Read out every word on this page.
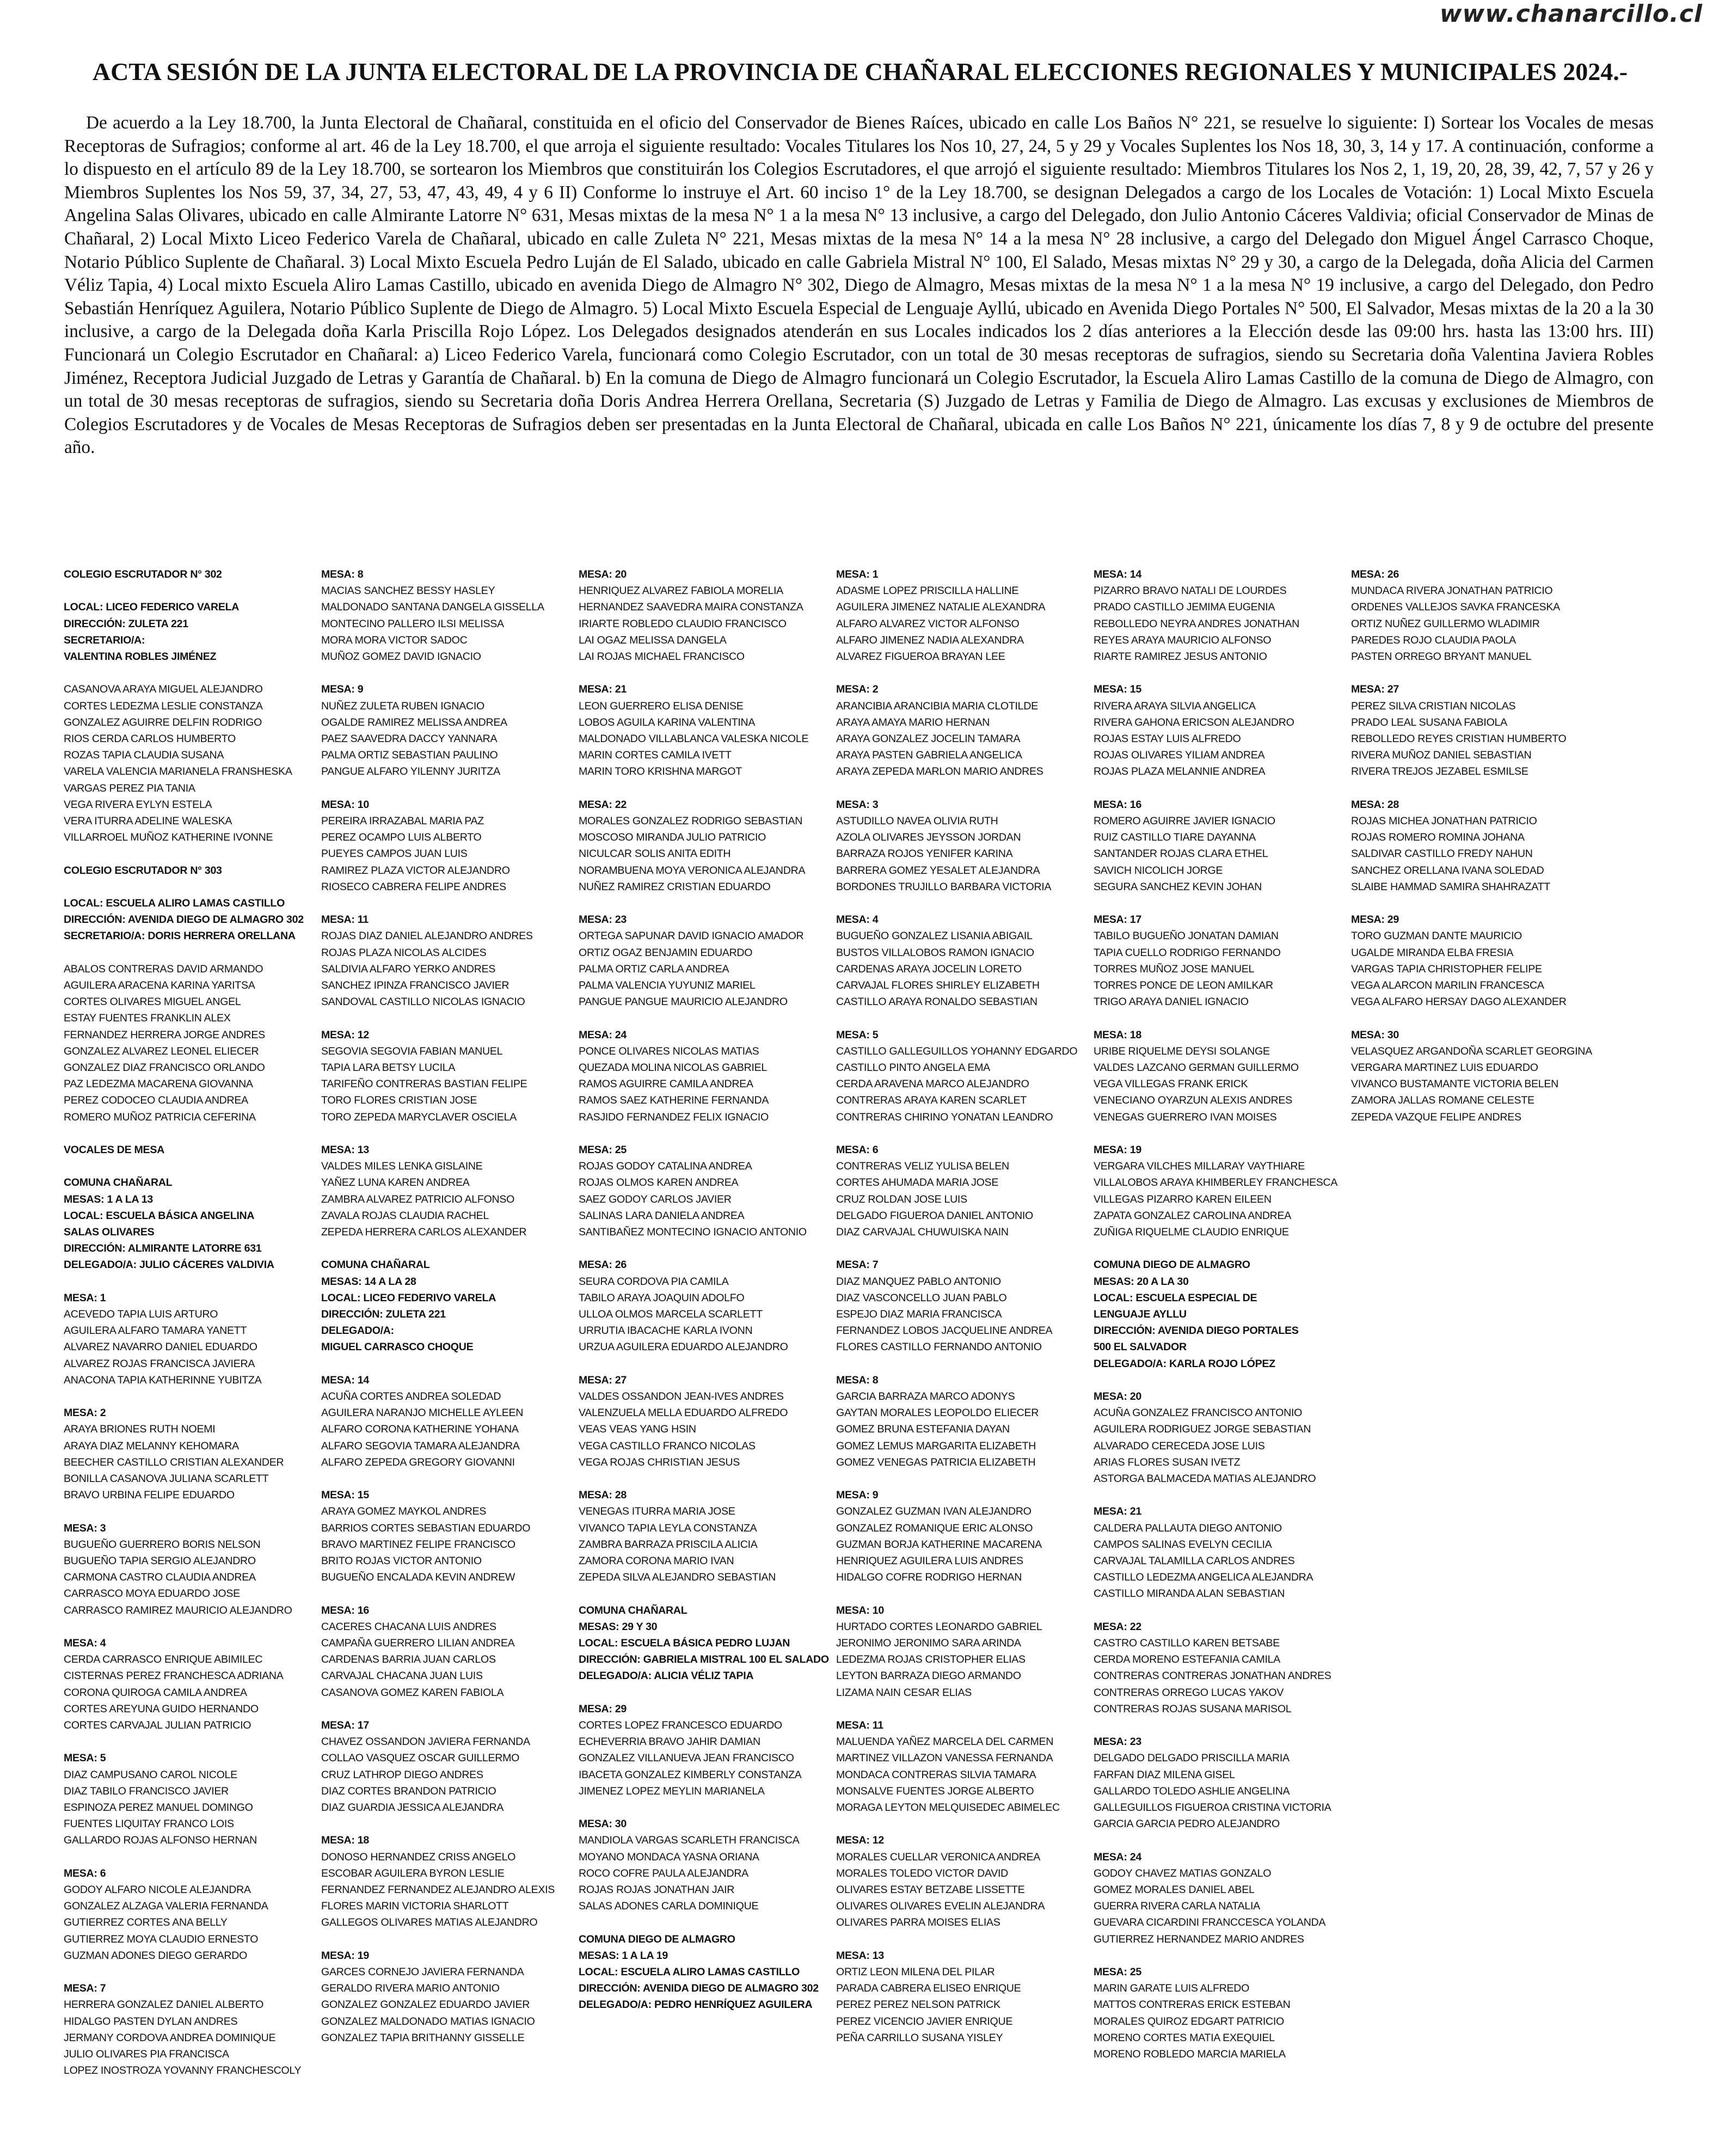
www.chanarcillo.cl
ACTA SESIÓN DE LA JUNTA ELECTORAL DE LA PROVINCIA DE CHAÑARAL ELECCIONES REGIONALES Y MUNICIPALES 2024.-

De acuerdo a la Ley 18.700, la Junta Electoral de Chañaral, constituida en el oficio del Conservador de Bienes Raíces, ubicado en calle Los Baños N° 221, se resuelve lo siguiente: I) Sortear los Vocales de mesas Receptoras de Sufragios; conforme al art. 46 de la Ley 18.700, el que arroja el siguiente resultado: Vocales Titulares los Nos 10, 27, 24, 5 y 29 y Vocales Suplentes los Nos 18, 30, 3, 14 y 17. A continuación, conforme a lo dispuesto en el artículo 89 de la Ley 18.700, se sortearon los Miembros que constituirán los Colegios Escrutadores, el que arrojó el siguiente resultado: Miembros Titulares los Nos 2, 1, 19, 20, 28, 39, 42, 7, 57 y 26 y Miembros Suplentes los Nos 59, 37, 34, 27, 53, 47, 43, 49, 4 y 6 II) Conforme lo instruye el Art. 60 inciso 1° de la Ley 18.700, se designan Delegados a cargo de los Locales de Votación: 1) Local Mixto Escuela Angelina Salas Olivares, ubicado en calle Almirante Latorre N° 631, Mesas mixtas de la mesa N° 1 a la mesa N° 13 inclusive, a cargo del Delegado, don Julio Antonio Cáceres Valdivia; oficial Conservador de Minas de Chañaral, 2) Local Mixto Liceo Federico Varela de Chañaral, ubicado en calle Zuleta N° 221, Mesas mixtas de la mesa N° 14 a la mesa N° 28 inclusive, a cargo del Delegado don Miguel Ángel Carrasco Choque, Notario Público Suplente de Chañaral. 3) Local Mixto Escuela Pedro Luján de El Salado, ubicado en calle Gabriela Mistral N° 100, El Salado, Mesas mixtas N° 29 y 30, a cargo de la Delegada, doña Alicia del Carmen Véliz Tapia, 4) Local mixto Escuela Aliro Lamas Castillo, ubicado en avenida Diego de Almagro N° 302, Diego de Almagro, Mesas mixtas de la mesa N° 1 a la mesa N° 19 inclusive, a cargo del Delegado, don Pedro Sebastián Henríquez Aguilera, Notario Público Suplente de Diego de Almagro. 5) Local Mixto Escuela Especial de Lenguaje Ayllú, ubicado en Avenida Diego Portales N° 500, El Salvador, Mesas mixtas de la 20 a la 30 inclusive, a cargo de la Delegada doña Karla Priscilla Rojo López. Los Delegados designados atenderán en sus Locales indicados los 2 días anteriores a la Elección desde las 09:00 hrs. hasta las 13:00 hrs. III) Funcionará un Colegio Escrutador en Chañaral: a) Liceo Federico Varela, funcionará como Colegio Escrutador, con un total de 30 mesas receptoras de sufragios, siendo su Secretaria doña Valentina Javiera Robles Jiménez, Receptora Judicial Juzgado de Letras y Garantía de Chañaral. b) En la comuna de Diego de Almagro funcionará un Colegio Escrutador, la Escuela Aliro Lamas Castillo de la comuna de Diego de Almagro, con un total de 30 mesas receptoras de sufragios, siendo su Secretaria doña Doris Andrea Herrera Orellana, Secretaria (S) Juzgado de Letras y Familia de Diego de Almagro. Las excusas y exclusiones de Miembros de Colegios Escrutadores y de Vocales de Mesas Receptoras de Sufragios deben ser presentadas en la Junta Electoral de Chañaral, ubicada en calle Los Baños N° 221, únicamente los días 7, 8 y 9 de octubre del presente año.

COLEGIO ESCRUTADOR N° 302
LOCAL: LICEO FEDERICO VARELA
DIRECCIÓN: ZULETA 221
SECRETARIO/A:
VALENTINA ROBLES JIMÉNEZ
CASANOVA ARAYA MIGUEL ALEJANDRO
CORTES LEDEZMA LESLIE CONSTANZA
GONZALEZ AGUIRRE DELFIN RODRIGO
RIOS CERDA CARLOS HUMBERTO
ROZAS TAPIA CLAUDIA SUSANA
VARELA VALENCIA MARIANELA FRANSHESKA
VARGAS PEREZ PIA TANIA
VEGA RIVERA EYLYN ESTELA
VERA ITURRA ADELINE WALESKA
VILLARROEL MUÑOZ KATHERINE IVONNE
COLEGIO ESCRUTADOR N° 303
LOCAL: ESCUELA ALIRO LAMAS CASTILLO
DIRECCIÓN: AVENIDA DIEGO DE ALMAGRO 302
SECRETARIO/A: DORIS HERRERA ORELLANA
ABALOS CONTRERAS DAVID ARMANDO
AGUILERA ARACENA KARINA YARITSA
CORTES OLIVARES MIGUEL ANGEL
ESTAY FUENTES FRANKLIN ALEX
FERNANDEZ HERRERA JORGE ANDRES
GONZALEZ ALVAREZ LEONEL ELIECER
GONZALEZ DIAZ FRANCISCO ORLANDO
PAZ LEDEZMA MACARENA GIOVANNA
PEREZ CODOCEO CLAUDIA ANDREA
ROMERO MUÑOZ PATRICIA CEFERINA
VOCALES DE MESA
COMUNA CHAÑARAL
MESAS: 1 A LA 13
LOCAL: ESCUELA BÁSICA ANGELINA
SALAS OLIVARES
DIRECCIÓN: ALMIRANTE LATORRE 631
DELEGADO/A: JULIO CÁCERES VALDIVIA
MESA: 1
ACEVEDO TAPIA LUIS ARTURO
AGUILERA ALFARO TAMARA YANETT
ALVAREZ NAVARRO DANIEL EDUARDO
ALVAREZ ROJAS FRANCISCA JAVIERA
ANACONA TAPIA KATHERINNE YUBITZA
MESA: 2
ARAYA BRIONES RUTH NOEMI
ARAYA DIAZ MELANNY KEHOMARA
BEECHER CASTILLO CRISTIAN ALEXANDER
BONILLA CASANOVA JULIANA SCARLETT
BRAVO URBINA FELIPE EDUARDO
MESA: 3
BUGUEÑO GUERRERO BORIS NELSON
BUGUEÑO TAPIA SERGIO ALEJANDRO
CARMONA CASTRO CLAUDIA ANDREA
CARRASCO MOYA EDUARDO JOSE
CARRASCO RAMIREZ MAURICIO ALEJANDRO
MESA: 4
CERDA CARRASCO ENRIQUE ABIMILEC
CISTERNAS PEREZ FRANCHESCA ADRIANA
CORONA QUIROGA CAMILA ANDREA
CORTES AREYUNA GUIDO HERNANDO
CORTES CARVAJAL JULIAN PATRICIO
MESA: 5
DIAZ CAMPUSANO CAROL NICOLE
DIAZ TABILO FRANCISCO JAVIER
ESPINOZA PEREZ MANUEL DOMINGO
FUENTES LIQUITAY FRANCO LOIS
GALLARDO ROJAS ALFONSO HERNAN
MESA: 6
GODOY ALFARO NICOLE ALEJANDRA
GONZALEZ ALZAGA VALERIA FERNANDA
GUTIERREZ CORTES ANA BELLY
GUTIERREZ MOYA CLAUDIO ERNESTO
GUZMAN ADONES DIEGO GERARDO
MESA: 7
HERRERA GONZALEZ DANIEL ALBERTO
HIDALGO PASTEN DYLAN ANDRES
JERMANY CORDOVA ANDREA DOMINIQUE
JULIO OLIVARES PIA FRANCISCA
LOPEZ INOSTROZA YOVANNY FRANCHESCOLY
MESA: 8
MACIAS SANCHEZ BESSY HASLEY
MALDONADO SANTANA DANGELA GISSELLA
MONTECINO PALLERO ILSI MELISSA
MORA MORA VICTOR SADOC
MUÑOZ GOMEZ DAVID IGNACIO
MESA: 9
NUÑEZ ZULETA RUBEN IGNACIO
OGALDE RAMIREZ MELISSA ANDREA
PAEZ SAAVEDRA DACCY YANNARA
PALMA ORTIZ SEBASTIAN PAULINO
PANGUE ALFARO YILENNY JURITZA
MESA: 10
PEREIRA IRRAZABAL MARIA PAZ
PEREZ OCAMPO LUIS ALBERTO
PUEYES CAMPOS JUAN LUIS
RAMIREZ PLAZA VICTOR ALEJANDRO
RIOSECO CABRERA FELIPE ANDRES
MESA: 11
ROJAS DIAZ DANIEL ALEJANDRO ANDRES
ROJAS PLAZA NICOLAS ALCIDES
SALDIVIA ALFARO YERKO ANDRES
SANCHEZ IPINZA FRANCISCO JAVIER
SANDOVAL CASTILLO NICOLAS IGNACIO
MESA: 12
SEGOVIA SEGOVIA FABIAN MANUEL
TAPIA LARA BETSY LUCILA
TARIFEÑO CONTRERAS BASTIAN FELIPE
TORO FLORES CRISTIAN JOSE
TORO ZEPEDA MARYCLAVER OSCIELA
MESA: 13
VALDES MILES LENKA GISLAINE
YAÑEZ LUNA KAREN ANDREA
ZAMBRA ALVAREZ PATRICIO ALFONSO
ZAVALA ROJAS CLAUDIA RACHEL
ZEPEDA HERRERA CARLOS ALEXANDER
COMUNA CHAÑARAL
MESAS: 14 A LA 28
LOCAL: LICEO FEDERIVO VARELA
DIRECCIÓN: ZULETA 221
DELEGADO/A:
MIGUEL CARRASCO CHOQUE
MESA: 14
ACUÑA CORTES ANDREA SOLEDAD
AGUILERA NARANJO MICHELLE AYLEEN
ALFARO CORONA KATHERINE YOHANA
ALFARO SEGOVIA TAMARA ALEJANDRA
ALFARO ZEPEDA GREGORY GIOVANNI
MESA: 15
ARAYA GOMEZ MAYKOL ANDRES
BARRIOS CORTES SEBASTIAN EDUARDO
BRAVO MARTINEZ FELIPE FRANCISCO
BRITO ROJAS VICTOR ANTONIO
BUGUEÑO ENCALADA KEVIN ANDREW
MESA: 16
CACERES CHACANA LUIS ANDRES
CAMPAÑA GUERRERO LILIAN ANDREA
CARDENAS BARRIA JUAN CARLOS
CARVAJAL CHACANA JUAN LUIS
CASANOVA GOMEZ KAREN FABIOLA
MESA: 17
CHAVEZ OSSANDON JAVIERA FERNANDA
COLLAO VASQUEZ OSCAR GUILLERMO
CRUZ LATHROP DIEGO ANDRES
DIAZ CORTES BRANDON PATRICIO
DIAZ GUARDIA JESSICA ALEJANDRA
MESA: 18
DONOSO HERNANDEZ CRISS ANGELO
ESCOBAR AGUILERA BYRON LESLIE
FERNANDEZ FERNANDEZ ALEJANDRO ALEXIS
FLORES MARIN VICTORIA SHARLOTT
GALLEGOS OLIVARES MATIAS ALEJANDRO
MESA: 19
GARCES CORNEJO JAVIERA FERNANDA
GERALDO RIVERA MARIO ANTONIO
GONZALEZ GONZALEZ EDUARDO JAVIER
GONZALEZ MALDONADO MATIAS IGNACIO
GONZALEZ TAPIA BRITHANNY GISSELLE
MESA: 20
HENRIQUEZ ALVAREZ FABIOLA MORELIA
HERNANDEZ SAAVEDRA MAIRA CONSTANZA
IRIARTE ROBLEDO CLAUDIO FRANCISCO
LAI OGAZ MELISSA DANGELA
LAI ROJAS MICHAEL FRANCISCO
MESA: 21
LEON GUERRERO ELISA DENISE
LOBOS AGUILA KARINA VALENTINA
MALDONADO VILLABLANCA VALESKA NICOLE
MARIN CORTES CAMILA IVETT
MARIN TORO KRISHNA MARGOT
MESA: 22
MORALES GONZALEZ RODRIGO SEBASTIAN
MOSCOSO MIRANDA JULIO PATRICIO
NICULCAR SOLIS ANITA EDITH
NORAMBUENA MOYA VERONICA ALEJANDRA
NUÑEZ RAMIREZ CRISTIAN EDUARDO
MESA: 23
ORTEGA SAPUNAR DAVID IGNACIO AMADOR
ORTIZ OGAZ BENJAMIN EDUARDO
PALMA ORTIZ CARLA ANDREA
PALMA VALENCIA YUYUNIZ MARIEL
PANGUE PANGUE MAURICIO ALEJANDRO
MESA: 24
PONCE OLIVARES NICOLAS MATIAS
QUEZADA MOLINA NICOLAS GABRIEL
RAMOS AGUIRRE CAMILA ANDREA
RAMOS SAEZ KATHERINE FERNANDA
RASJIDO FERNANDEZ FELIX IGNACIO
MESA: 25
ROJAS GODOY CATALINA ANDREA
ROJAS OLMOS KAREN ANDREA
SAEZ GODOY CARLOS JAVIER
SALINAS LARA DANIELA ANDREA
SANTIBAÑEZ MONTECINO IGNACIO ANTONIO
MESA: 26
SEURA CORDOVA PIA CAMILA
TABILO ARAYA JOAQUIN ADOLFO
ULLOA OLMOS MARCELA SCARLETT
URRUTIA IBACACHE KARLA IVONN
URZUA AGUILERA EDUARDO ALEJANDRO
MESA: 27
VALDES OSSANDON JEAN-IVES ANDRES
VALENZUELA MELLA EDUARDO ALFREDO
VEAS VEAS YANG HSIN
VEGA CASTILLO FRANCO NICOLAS
VEGA ROJAS CHRISTIAN JESUS
MESA: 28
VENEGAS ITURRA MARIA JOSE
VIVANCO TAPIA LEYLA CONSTANZA
ZAMBRA BARRAZA PRISCILA ALICIA
ZAMORA CORONA MARIO IVAN
ZEPEDA SILVA ALEJANDRO SEBASTIAN
COMUNA CHAÑARAL
MESAS: 29 Y 30
LOCAL: ESCUELA BÁSICA PEDRO LUJAN
DIRECCIÓN: GABRIELA MISTRAL 100 EL SALADO
DELEGADO/A: ALICIA VÉLIZ TAPIA
MESA: 29
CORTES LOPEZ FRANCESCO EDUARDO
ECHEVERRIA BRAVO JAHIR DAMIAN
GONZALEZ VILLANUEVA JEAN FRANCISCO
IBACETA GONZALEZ KIMBERLY CONSTANZA
JIMENEZ LOPEZ MEYLIN MARIANELA
MESA: 30
MANDIOLA VARGAS SCARLETH FRANCISCA
MOYANO MONDACA YASNA ORIANA
ROCO COFRE PAULA ALEJANDRA
ROJAS ROJAS JONATHAN JAIR
SALAS ADONES CARLA DOMINIQUE
COMUNA DIEGO DE ALMAGRO
MESAS: 1 A LA 19
LOCAL: ESCUELA ALIRO LAMAS CASTILLO
DIRECCIÓN: AVENIDA DIEGO DE ALMAGRO 302
DELEGADO/A: PEDRO HENRÍQUEZ AGUILERA
MESA: 1
ADASME LOPEZ PRISCILLA HALLINE
AGUILERA JIMENEZ NATALIE ALEXANDRA
ALFARO ALVAREZ VICTOR ALFONSO
ALFARO JIMENEZ NADIA ALEXANDRA
ALVAREZ FIGUEROA BRAYAN LEE
MESA: 2
ARANCIBIA ARANCIBIA MARIA CLOTILDE
ARAYA AMAYA MARIO HERNAN
ARAYA GONZALEZ JOCELIN TAMARA
ARAYA PASTEN GABRIELA ANGELICA
ARAYA ZEPEDA MARLON MARIO ANDRES
MESA: 3
ASTUDILLO NAVEA OLIVIA RUTH
AZOLA OLIVARES JEYSSON JORDAN
BARRAZA ROJOS YENIFER KARINA
BARRERA GOMEZ YESALET ALEJANDRA
BORDONES TRUJILLO BARBARA VICTORIA
MESA: 4
BUGUEÑO GONZALEZ LISANIA ABIGAIL
BUSTOS VILLALOBOS RAMON IGNACIO
CARDENAS ARAYA JOCELIN LORETO
CARVAJAL FLORES SHIRLEY ELIZABETH
CASTILLO ARAYA RONALDO SEBASTIAN
MESA: 5
CASTILLO GALLEGUILLOS YOHANNY EDGARDO
CASTILLO PINTO ANGELA EMA
CERDA ARAVENA MARCO ALEJANDRO
CONTRERAS ARAYA KAREN SCARLET
CONTRERAS CHIRINO YONATAN LEANDRO
MESA: 6
CONTRERAS VELIZ YULISA BELEN
CORTES AHUMADA MARIA JOSE
CRUZ ROLDAN JOSE LUIS
DELGADO FIGUEROA DANIEL ANTONIO
DIAZ CARVAJAL CHUWUISKA NAIN
MESA: 7
DIAZ MANQUEZ PABLO ANTONIO
DIAZ VASCONCELLO JUAN PABLO
ESPEJO DIAZ MARIA FRANCISCA
FERNANDEZ LOBOS JACQUELINE ANDREA
FLORES CASTILLO FERNANDO ANTONIO
MESA: 8
GARCIA BARRAZA MARCO ADONYS
GAYTAN MORALES LEOPOLDO ELIECER
GOMEZ BRUNA ESTEFANIA DAYAN
GOMEZ LEMUS MARGARITA ELIZABETH
GOMEZ VENEGAS PATRICIA ELIZABETH
MESA: 9
GONZALEZ GUZMAN IVAN ALEJANDRO
GONZALEZ ROMANIQUE ERIC ALONSO
GUZMAN BORJA KATHERINE MACARENA
HENRIQUEZ AGUILERA LUIS ANDRES
HIDALGO COFRE RODRIGO HERNAN
MESA: 10
HURTADO CORTES LEONARDO GABRIEL
JERONIMO JERONIMO SARA ARINDA
LEDEZMA ROJAS CRISTOPHER ELIAS
LEYTON BARRAZA DIEGO ARMANDO
LIZAMA NAIN CESAR ELIAS
MESA: 11
MALUENDA YAÑEZ MARCELA DEL CARMEN
MARTINEZ VILLAZON VANESSA FERNANDA
MONDACA CONTRERAS SILVIA TAMARA
MONSALVE FUENTES JORGE ALBERTO
MORAGA LEYTON MELQUISEDEC ABIMELEC
MESA: 12
MORALES CUELLAR VERONICA ANDREA
MORALES TOLEDO VICTOR DAVID
OLIVARES ESTAY BETZABE LISSETTE
OLIVARES OLIVARES EVELIN ALEJANDRA
OLIVARES PARRA MOISES ELIAS
MESA: 13
ORTIZ LEON MILENA DEL PILAR
PARADA CABRERA ELISEO ENRIQUE
PEREZ PEREZ NELSON PATRICK
PEREZ VICENCIO JAVIER ENRIQUE
PEÑA CARRILLO SUSANA YISLEY
MESA: 14
PIZARRO BRAVO NATALI DE LOURDES
PRADO CASTILLO JEMIMA EUGENIA
REBOLLEDO NEYRA ANDRES JONATHAN
REYES ARAYA MAURICIO ALFONSO
RIARTE RAMIREZ JESUS ANTONIO
MESA: 15
RIVERA ARAYA SILVIA ANGELICA
RIVERA GAHONA ERICSON ALEJANDRO
ROJAS ESTAY LUIS ALFREDO
ROJAS OLIVARES YILIAM ANDREA
ROJAS PLAZA MELANNIE ANDREA
MESA: 16
ROMERO AGUIRRE JAVIER IGNACIO
RUIZ CASTILLO TIARE DAYANNA
SANTANDER ROJAS CLARA ETHEL
SAVICH NICOLICH JORGE
SEGURA SANCHEZ KEVIN JOHAN
MESA: 17
TABILO BUGUEÑO JONATAN DAMIAN
TAPIA CUELLO RODRIGO FERNANDO
TORRES MUÑOZ JOSE MANUEL
TORRES PONCE DE LEON AMILKAR
TRIGO ARAYA DANIEL IGNACIO
MESA: 18
URIBE RIQUELME DEYSI SOLANGE
VALDES LAZCANO GERMAN GUILLERMO
VEGA VILLEGAS FRANK ERICK
VENECIANO OYARZUN ALEXIS ANDRES
VENEGAS GUERRERO IVAN MOISES
MESA: 19
VERGARA VILCHES MILLARAY VAYTHIARE
VILLALOBOS ARAYA KHIMBERLEY FRANCHESCA
VILLEGAS PIZARRO KAREN EILEEN
ZAPATA GONZALEZ CAROLINA ANDREA
ZUÑIGA RIQUELME CLAUDIO ENRIQUE
COMUNA DIEGO DE ALMAGRO
MESAS: 20 A LA 30
LOCAL: ESCUELA ESPECIAL DE
LENGUAJE AYLLU
DIRECCIÓN: AVENIDA DIEGO PORTALES
500 EL SALVADOR
DELEGADO/A: KARLA ROJO LÓPEZ
MESA: 20
ACUÑA GONZALEZ FRANCISCO ANTONIO
AGUILERA RODRIGUEZ JORGE SEBASTIAN
ALVARADO CERECEDA JOSE LUIS
ARIAS FLORES SUSAN IVETZ
ASTORGA BALMACEDA MATIAS ALEJANDRO
MESA: 21
CALDERA PALLAUTA DIEGO ANTONIO
CAMPOS SALINAS EVELYN CECILIA
CARVAJAL TALAMILLA CARLOS ANDRES
CASTILLO LEDEZMA ANGELICA ALEJANDRA
CASTILLO MIRANDA ALAN SEBASTIAN
MESA: 22
CASTRO CASTILLO KAREN BETSABE
CERDA MORENO ESTEFANIA CAMILA
CONTRERAS CONTRERAS JONATHAN ANDRES
CONTRERAS ORREGO LUCAS YAKOV
CONTRERAS ROJAS SUSANA MARISOL
MESA: 23
DELGADO DELGADO PRISCILLA MARIA
FARFAN DIAZ MILENA GISEL
GALLARDO TOLEDO ASHLIE ANGELINA
GALLEGUILLOS FIGUEROA CRISTINA VICTORIA
GARCIA GARCIA PEDRO ALEJANDRO
MESA: 24
GODOY CHAVEZ MATIAS GONZALO
GOMEZ MORALES DANIEL ABEL
GUERRA RIVERA CARLA NATALIA
GUEVARA CICARDINI FRANCCESCA YOLANDA
GUTIERREZ HERNANDEZ MARIO ANDRES
MESA: 25
MARIN GARATE LUIS ALFREDO
MATTOS CONTRERAS ERICK ESTEBAN
MORALES QUIROZ EDGART PATRICIO
MORENO CORTES MATIA EXEQUIEL
MORENO ROBLEDO MARCIA MARIELA
MESA: 26
MUNDACA RIVERA JONATHAN PATRICIO
ORDENES VALLEJOS SAVKA FRANCESKA
ORTIZ NUÑEZ GUILLERMO WLADIMIR
PAREDES ROJO CLAUDIA PAOLA
PASTEN ORREGO BRYANT MANUEL
MESA: 27
PEREZ SILVA CRISTIAN NICOLAS
PRADO LEAL SUSANA FABIOLA
REBOLLEDO REYES CRISTIAN HUMBERTO
RIVERA MUÑOZ DANIEL SEBASTIAN
RIVERA TREJOS JEZABEL ESMILSE
MESA: 28
ROJAS MICHEA JONATHAN PATRICIO
ROJAS ROMERO ROMINA JOHANA
SALDIVAR CASTILLO FREDY NAHUN
SANCHEZ ORELLANA IVANA SOLEDAD
SLAIBE HAMMAD SAMIRA SHAHRAZATT
MESA: 29
TORO GUZMAN DANTE MAURICIO
UGALDE MIRANDA ELBA FRESIA
VARGAS TAPIA CHRISTOPHER FELIPE
VEGA ALARCON MARILIN FRANCESCA
VEGA ALFARO HERSAY DAGO ALEXANDER
MESA: 30
VELASQUEZ ARGANDOÑA SCARLET GEORGINA
VERGARA MARTINEZ LUIS EDUARDO
VIVANCO BUSTAMANTE VICTORIA BELEN
ZAMORA JALLAS ROMANE CELESTE
ZEPEDA VAZQUE FELIPE ANDRES
